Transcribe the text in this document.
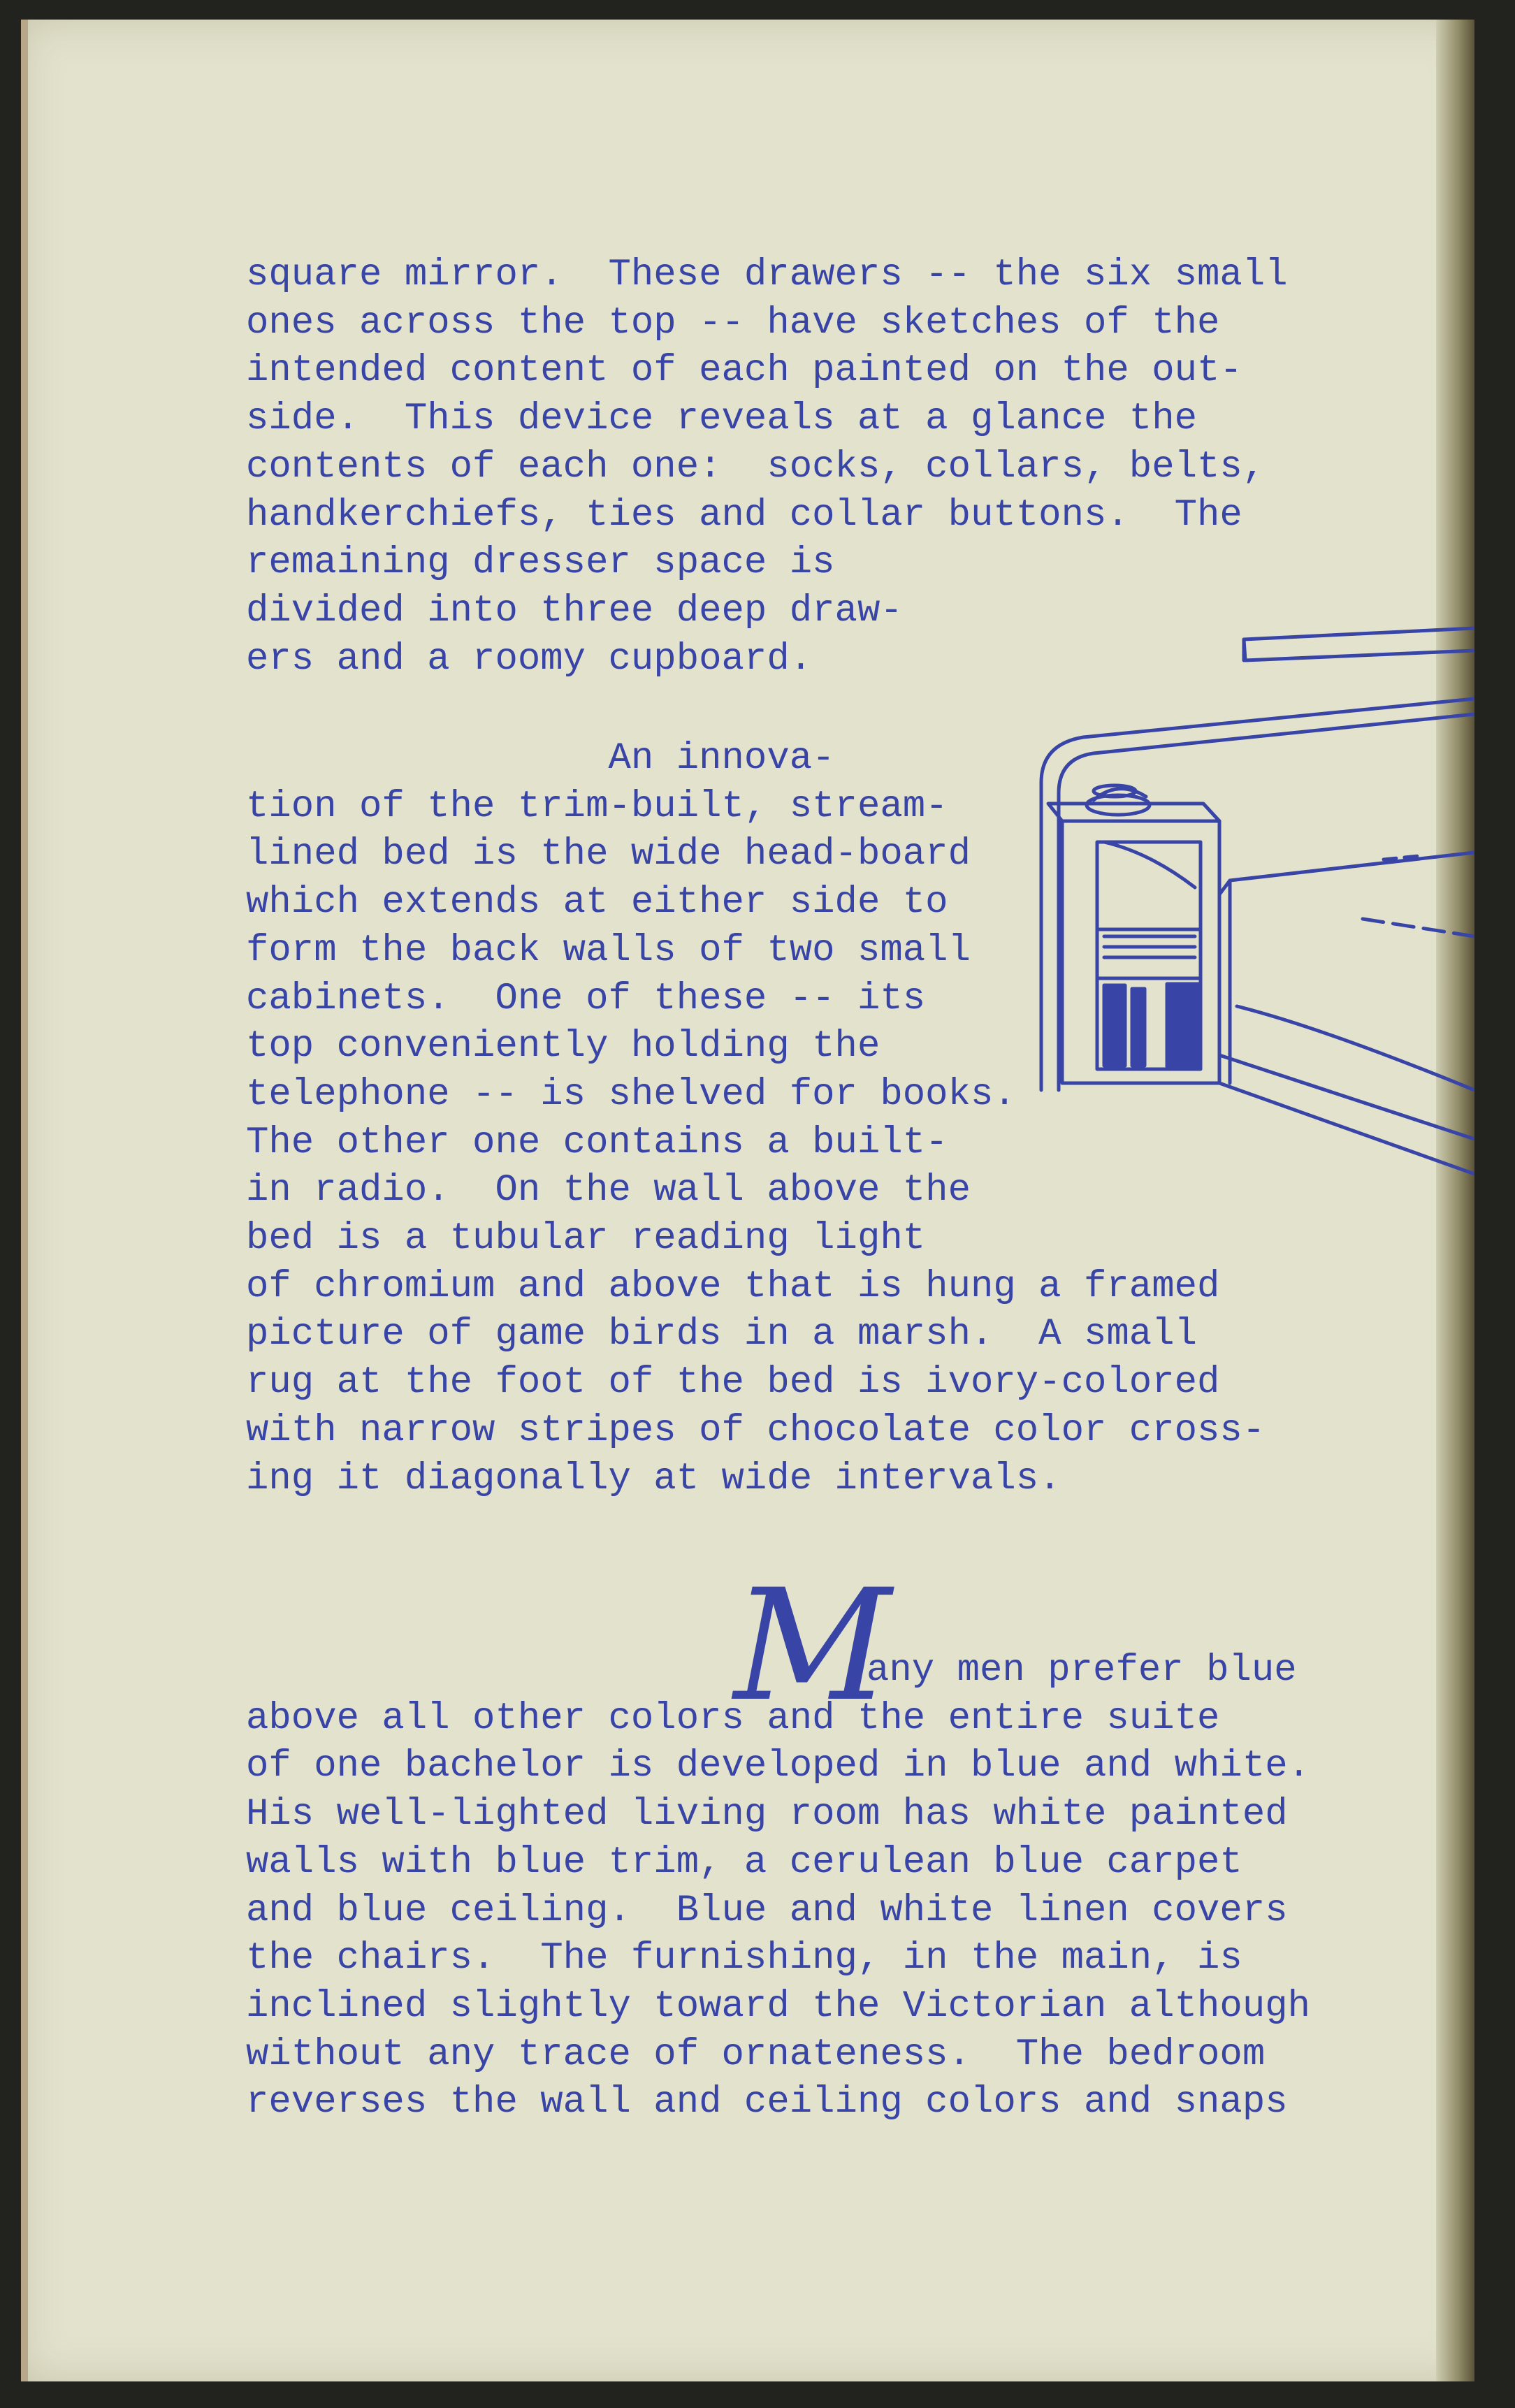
square mirror.  These drawers -- the six small
ones across the top -- have sketches of the
intended content of each painted on the out-
side.  This device reveals at a glance the
contents of each one:  socks, collars, belts,
handkerchiefs, ties and collar buttons.  The
remaining dresser space is
divided into three deep draw-
ers and a roomy cupboard.
An innova-
tion of the trim-built, stream-
lined bed is the wide head-board
which extends at either side to
form the back walls of two small
cabinets.  One of these -- its
top conveniently holding the
telephone -- is shelved for books.
The other one contains a built-
in radio.  On the wall above the
bed is a tubular reading light
of chromium and above that is hung a framed
picture of game birds in a marsh.  A small
rug at the foot of the bed is ivory-colored
with narrow stripes of chocolate color cross-
ing it diagonally at wide intervals.
M
any men prefer blue
above all other colors and the entire suite
of one bachelor is developed in blue and white.
His well-lighted living room has white painted
walls with blue trim, a cerulean blue carpet
and blue ceiling.  Blue and white linen covers
the chairs.  The furnishing, in the main, is
inclined slightly toward the Victorian although
without any trace of ornateness.  The bedroom
reverses the wall and ceiling colors and snaps
